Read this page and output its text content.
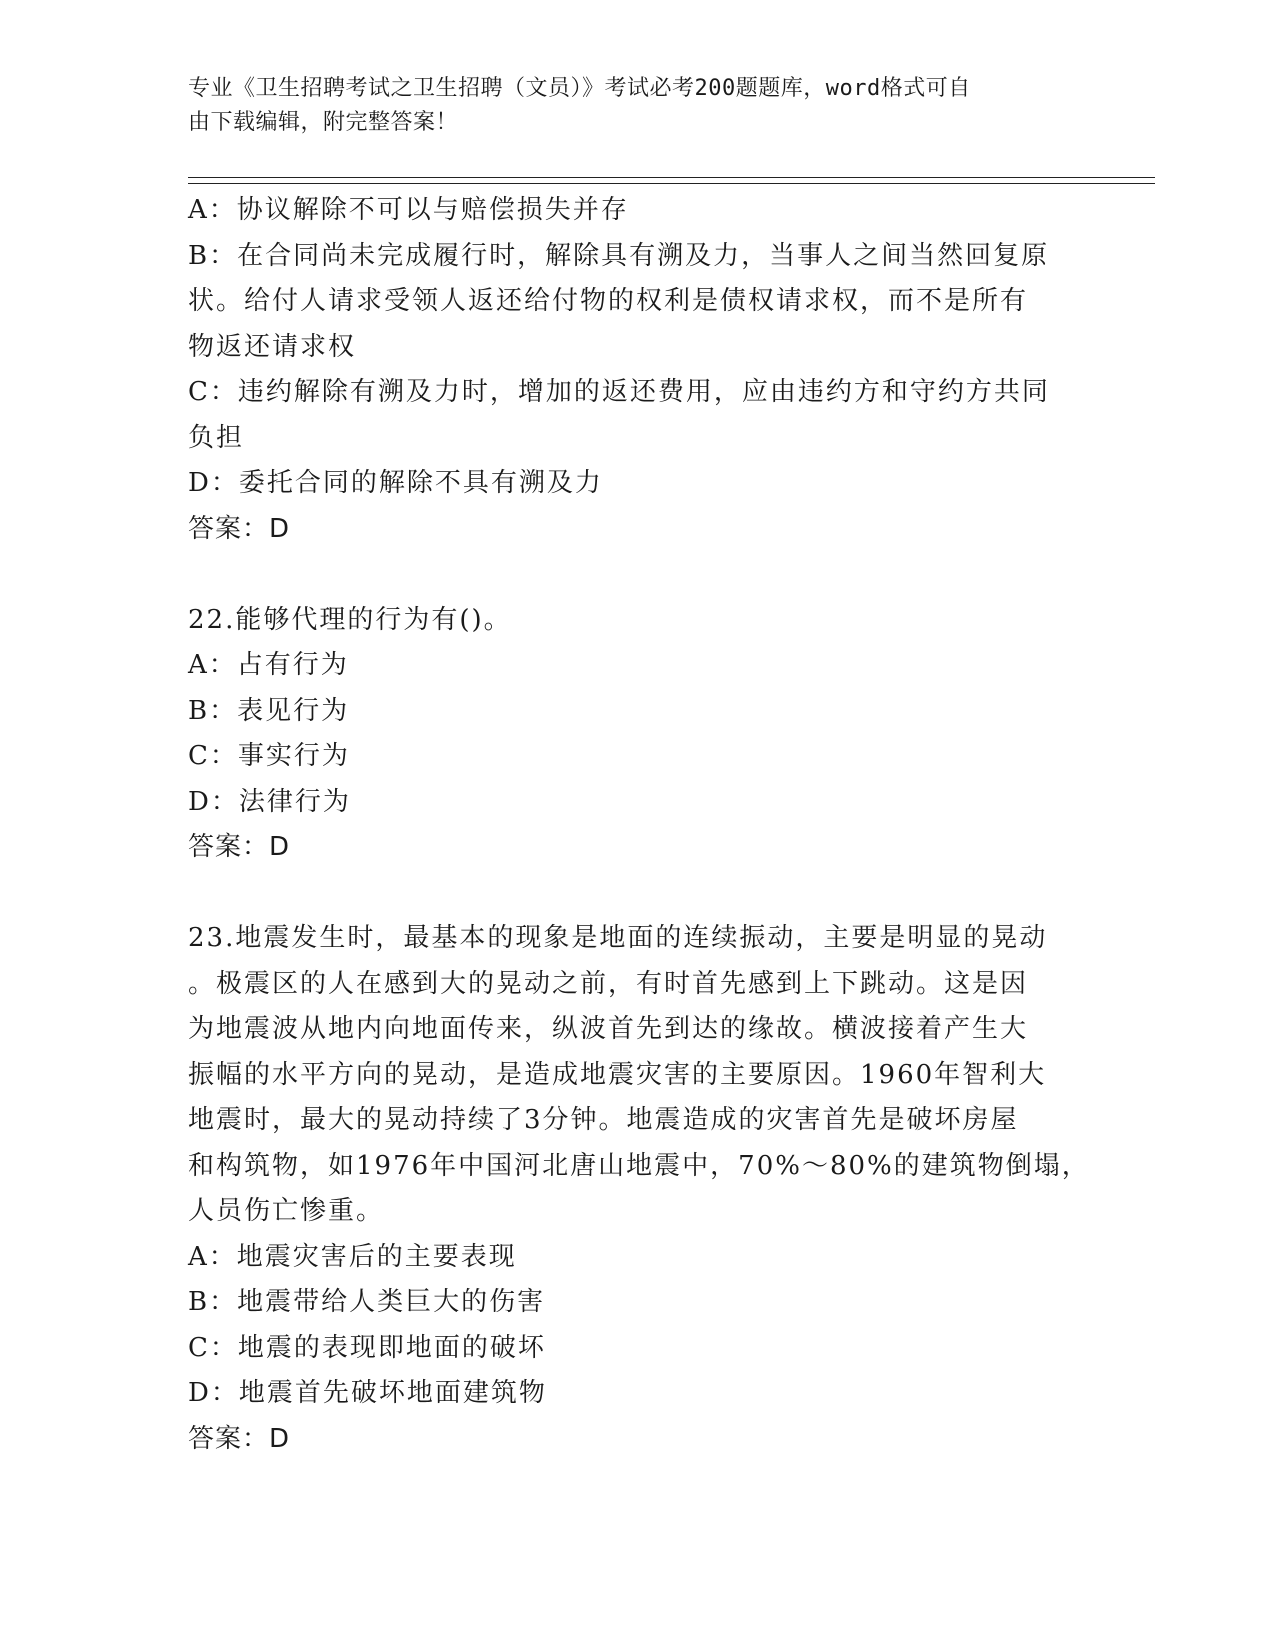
专业《卫生招聘考试之卫生招聘（文员）》考试必考200题题库，word格式可自
由下载编辑，附完整答案！
A：协议解除不可以与赔偿损失并存
B：在合同尚未完成履行时，解除具有溯及力，当事人之间当然回复原
状。给付人请求受领人返还给付物的权利是债权请求权，而不是所有
物返还请求权
C：违约解除有溯及力时，增加的返还费用，应由违约方和守约方共同
负担
D：委托合同的解除不具有溯及力
答案：D
22.能够代理的行为有()。
A：占有行为
B：表见行为
C：事实行为
D：法律行为
答案：D
23.地震发生时，最基本的现象是地面的连续振动，主要是明显的晃动
。极震区的人在感到大的晃动之前，有时首先感到上下跳动。这是因
为地震波从地内向地面传来，纵波首先到达的缘故。横波接着产生大
振幅的水平方向的晃动，是造成地震灾害的主要原因。1960年智利大
地震时，最大的晃动持续了3分钟。地震造成的灾害首先是破坏房屋
和构筑物，如1976年中国河北唐山地震中，70%～80%的建筑物倒塌，
人员伤亡惨重。
A：地震灾害后的主要表现
B：地震带给人类巨大的伤害
C：地震的表现即地面的破坏
D：地震首先破坏地面建筑物
答案：D
